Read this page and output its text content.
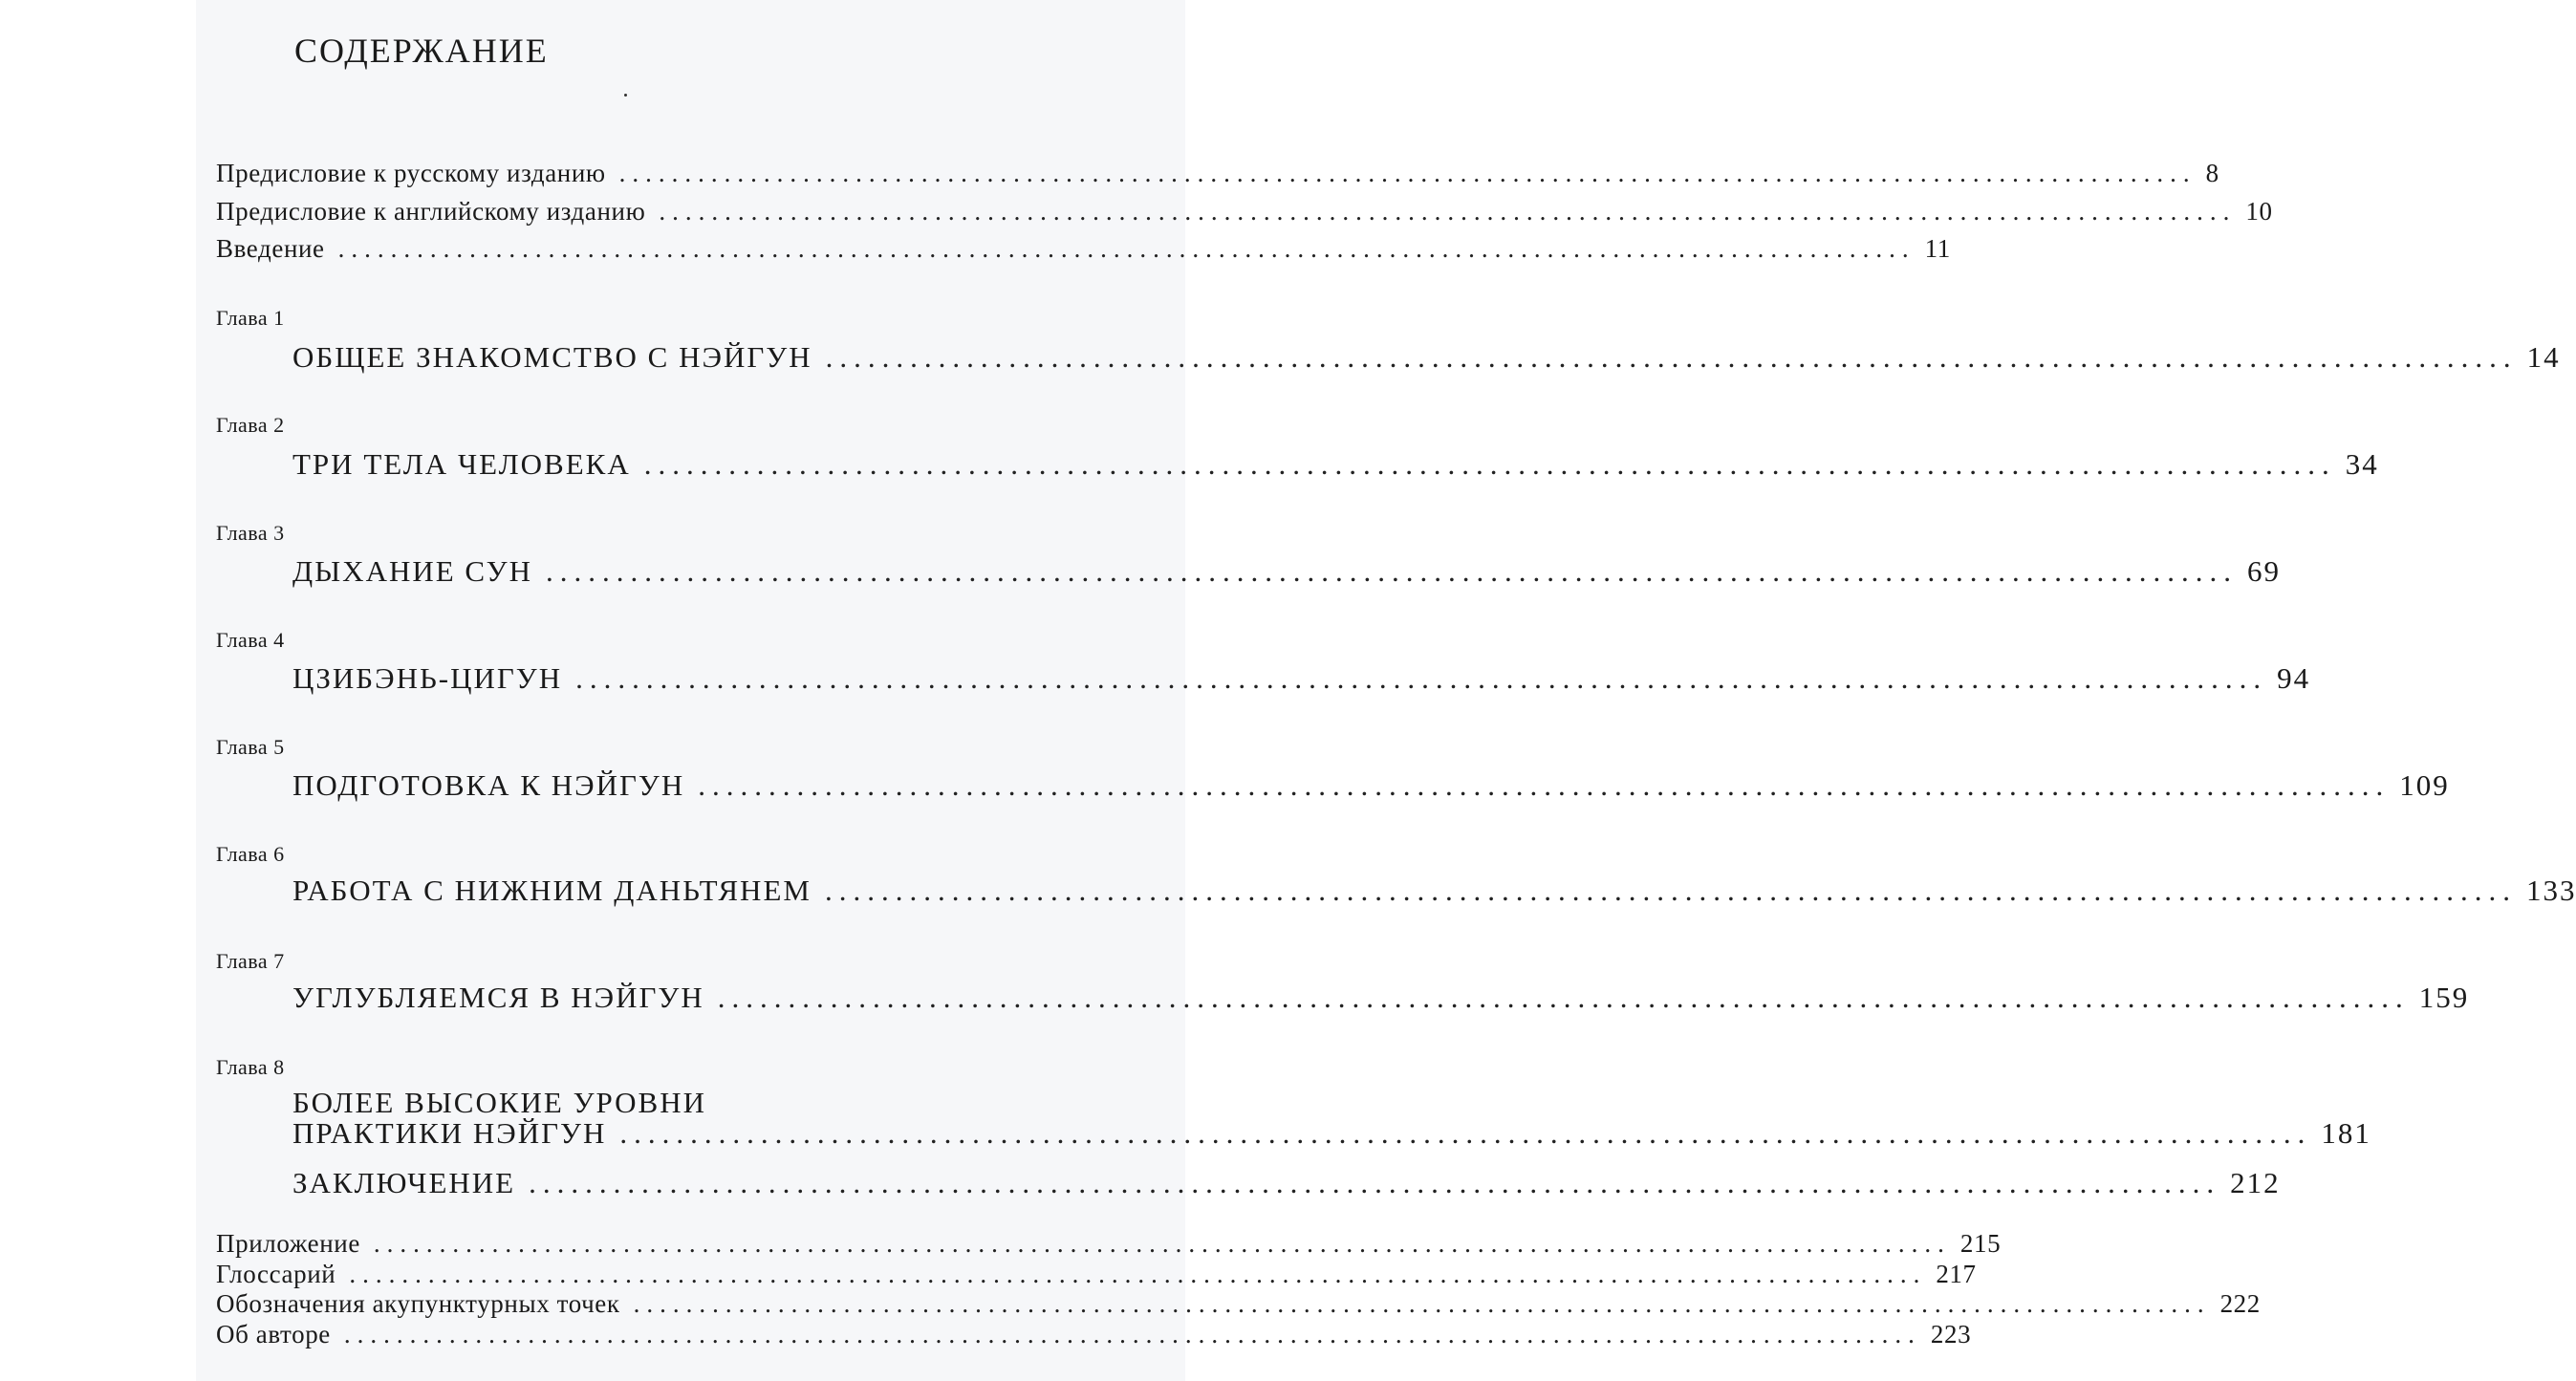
СОДЕРЖАНИЕ
Предисловие к русскому изданию ........................................................................................................................ 8
Предисловие к английскому изданию ........................................................................................................................ 10
Введение ........................................................................................................................ 11
Глава 1
ОБЩЕЕ ЗНАКОМСТВО С НЭЙГУН ........................................................................................................................ 14
Глава 2
ТРИ ТЕЛА ЧЕЛОВЕКА ........................................................................................................................ 34
Глава 3
ДЫХАНИЕ СУН ........................................................................................................................ 69
Глава 4
ЦЗИБЭНЬ-ЦИГУН ........................................................................................................................ 94
Глава 5
ПОДГОТОВКА К НЭЙГУН ........................................................................................................................ 109
Глава 6
РАБОТА С НИЖНИМ ДАНЬТЯНЕМ ........................................................................................................................ 133
Глава 7
УГЛУБЛЯЕМСЯ В НЭЙГУН ........................................................................................................................ 159
Глава 8
БОЛЕЕ ВЫСОКИЕ УРОВНИ
ПРАКТИКИ НЭЙГУН ........................................................................................................................ 181
ЗАКЛЮЧЕНИЕ ........................................................................................................................ 212
Приложение ........................................................................................................................ 215
Глоссарий ........................................................................................................................ 217
Обозначения акупунктурных точек ........................................................................................................................ 222
Об авторе ........................................................................................................................ 223
